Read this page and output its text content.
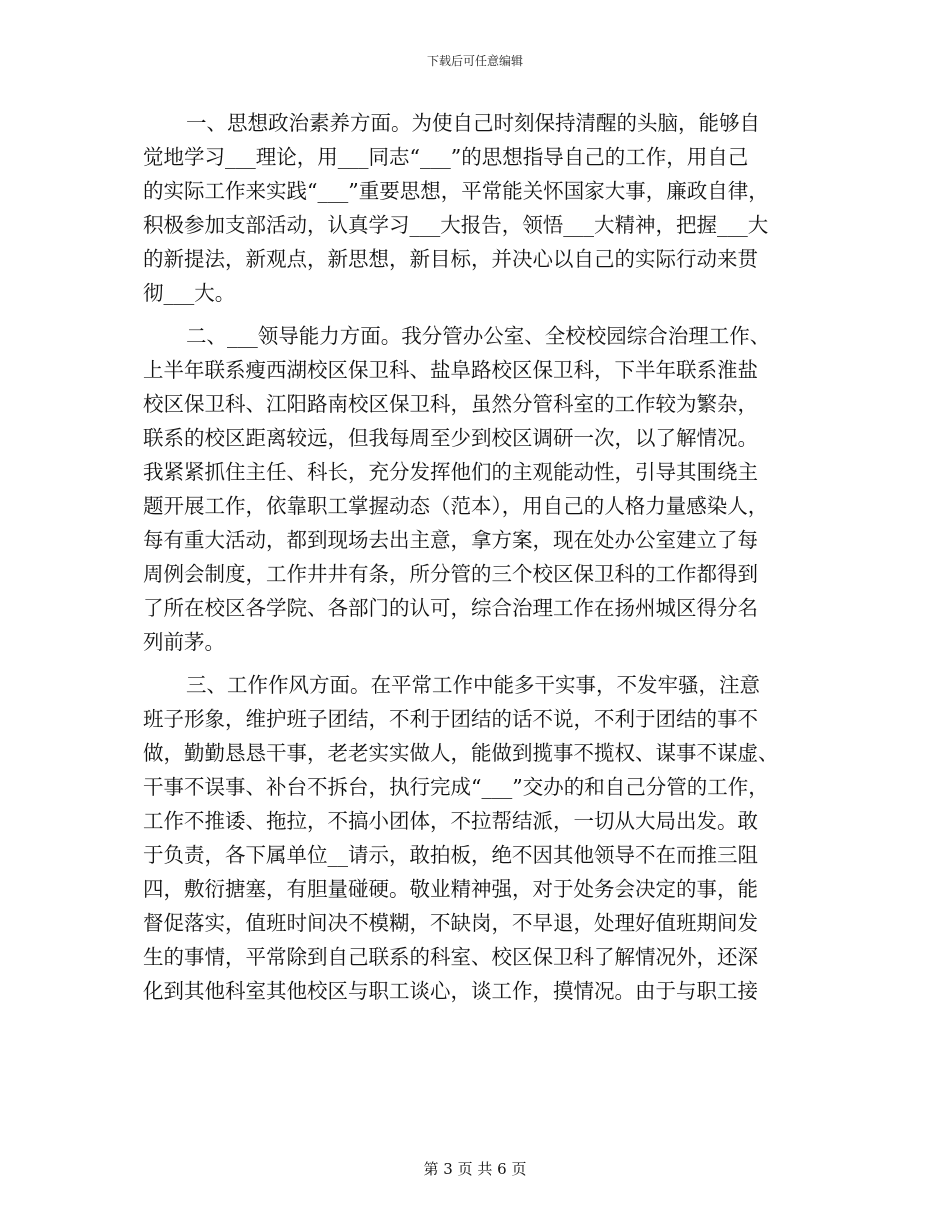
下载后可任意编辑
一、思想政治素养方面。为使自己时刻保持清醒的头脑，能够自
觉地学习___理论，用___同志“___”的思想指导自己的工作，用自己
的实际工作来实践“___”重要思想，平常能关怀国家大事，廉政自律，
积极参加支部活动，认真学习___大报告，领悟___大精神，把握___大
的新提法，新观点，新思想，新目标，并决心以自己的实际行动来贯
彻___大。
二、___领导能力方面。我分管办公室、全校校园综合治理工作、
上半年联系瘦西湖校区保卫科、盐阜路校区保卫科，下半年联系淮盐
校区保卫科、江阳路南校区保卫科，虽然分管科室的工作较为繁杂，
联系的校区距离较远，但我每周至少到校区调研一次，以了解情况。
我紧紧抓住主任、科长，充分发挥他们的主观能动性，引导其围绕主
题开展工作，依靠职工掌握动态（范本），用自己的人格力量感染人，
每有重大活动，都到现场去出主意，拿方案，现在处办公室建立了每
周例会制度，工作井井有条，所分管的三个校区保卫科的工作都得到
了所在校区各学院、各部门的认可，综合治理工作在扬州城区得分名
列前茅。
三、工作作风方面。在平常工作中能多干实事，不发牢骚，注意
班子形象，维护班子团结，不利于团结的话不说，不利于团结的事不
做，勤勤恳恳干事，老老实实做人，能做到揽事不揽权、谋事不谋虚、
干事不误事、补台不拆台，执行完成“___”交办的和自己分管的工作，
工作不推诿、拖拉，不搞小团体，不拉帮结派，一切从大局出发。敢
于负责，各下属单位__请示，敢拍板，绝不因其他领导不在而推三阻
四，敷衍搪塞，有胆量碰硬。敬业精神强，对于处务会决定的事，能
督促落实，值班时间决不模糊，不缺岗，不早退，处理好值班期间发
生的事情，平常除到自己联系的科室、校区保卫科了解情况外，还深
化到其他科室其他校区与职工谈心，谈工作，摸情况。由于与职工接
第 3 页 共 6 页
